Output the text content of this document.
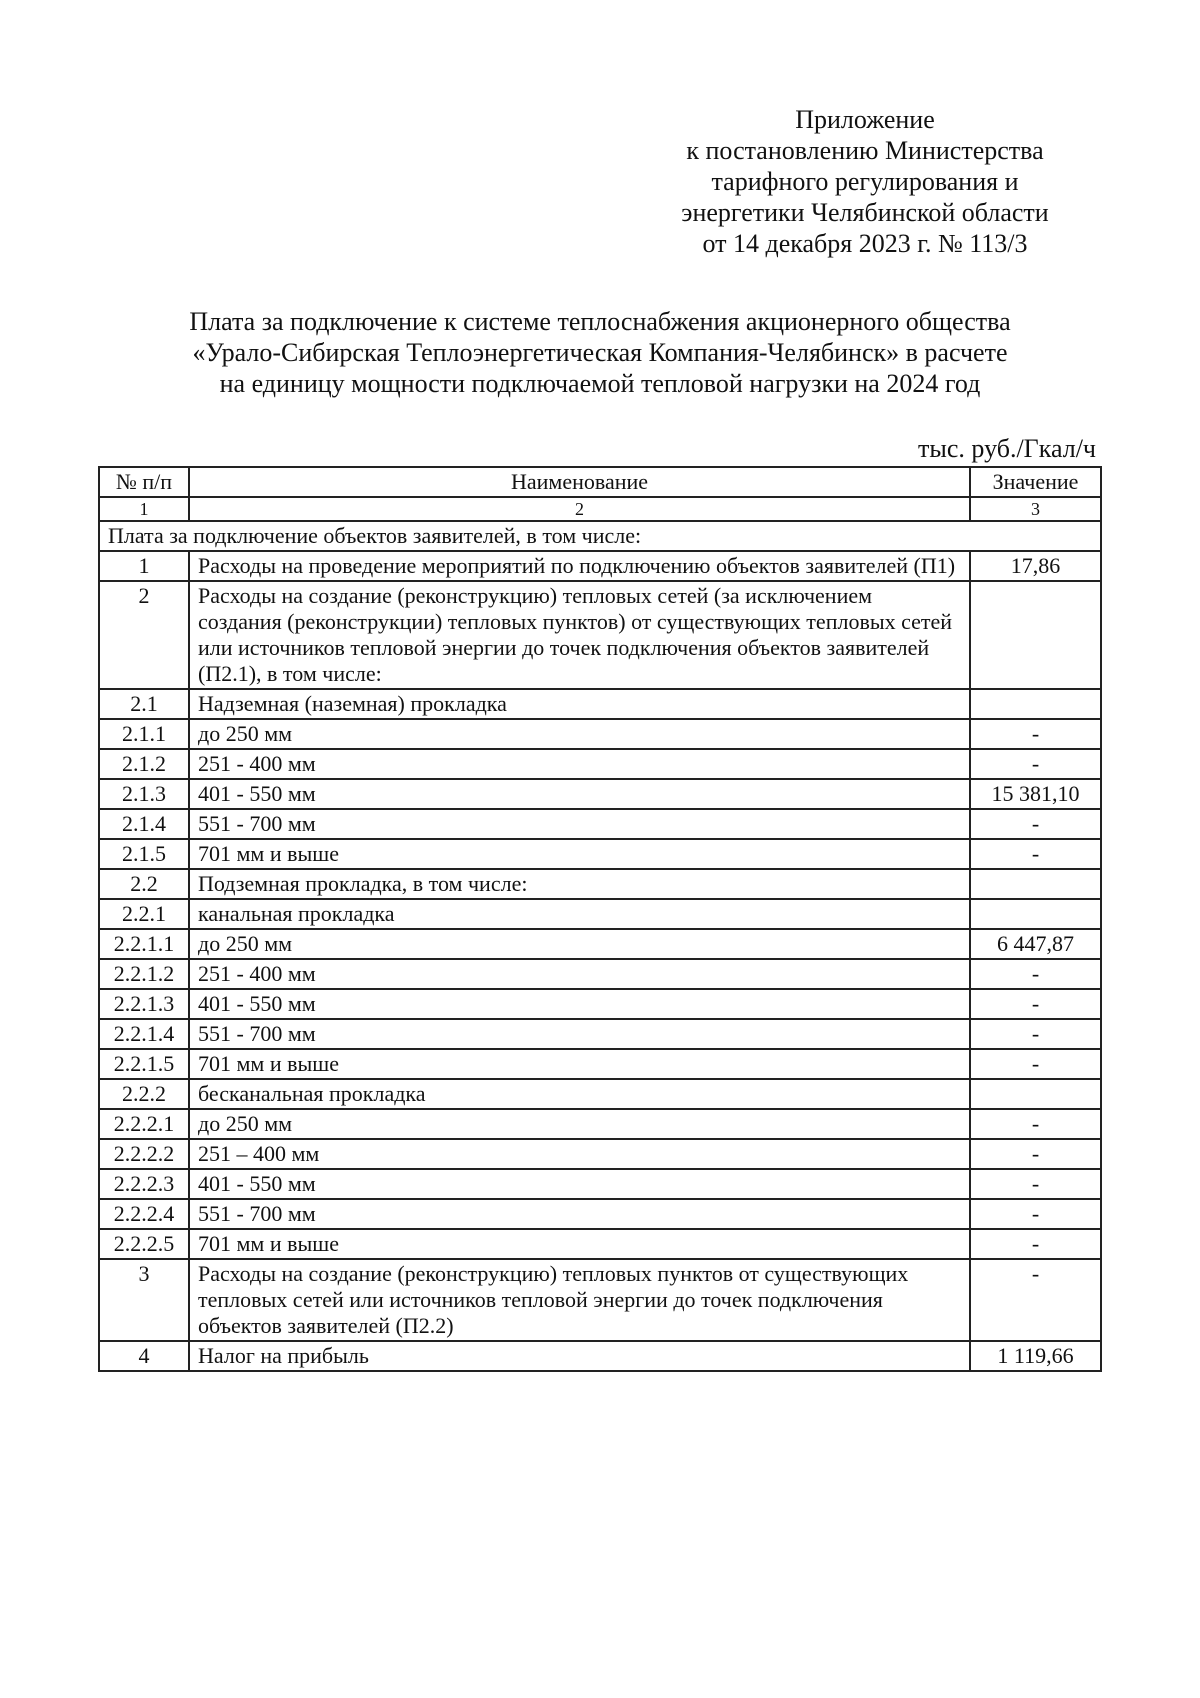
Приложение
к постановлению Министерства
тарифного регулирования и
энергетики Челябинской области
от 14 декабря 2023 г. № 113/3
Плата за подключение к системе теплоснабжения акционерного общества
«Урало-Сибирская Теплоэнергетическая Компания-Челябинск» в расчете
на единицу мощности подключаемой тепловой нагрузки на 2024 год
тыс. руб./Гкал/ч
№ п/п	Наименование	Значение
1	2	3
Плата за подключение объектов заявителей, в том числе:		
1	Расходы на проведение мероприятий по подключению объектов заявителей (П1)	17,86
2	Расходы на создание (реконструкцию) тепловых сетей (за исключением создания (реконструкции) тепловых пунктов) от существующих тепловых сетей или источников тепловой энергии до точек подключения объектов заявителей (П2.1), в том числе:	
2.1	Надземная (наземная) прокладка	
2.1.1	до 250 мм	-
2.1.2	251 - 400 мм	-
2.1.3	401 - 550 мм	15 381,10
2.1.4	551 - 700 мм	-
2.1.5	701 мм и выше	-
2.2	Подземная прокладка, в том числе:	
2.2.1	канальная прокладка	
2.2.1.1	до 250 мм	6 447,87
2.2.1.2	251 - 400 мм	-
2.2.1.3	401 - 550 мм	-
2.2.1.4	551 - 700 мм	-
2.2.1.5	701 мм и выше	-
2.2.2	бесканальная прокладка	
2.2.2.1	до 250 мм	-
2.2.2.2	251 – 400 мм	-
2.2.2.3	401 - 550 мм	-
2.2.2.4	551 - 700 мм	-
2.2.2.5	701 мм и выше	-
3	Расходы на создание (реконструкцию) тепловых пунктов от существующих тепловых сетей или источников тепловой энергии до точек подключения объектов заявителей (П2.2)	-
4	Налог на прибыль	1 119,66
